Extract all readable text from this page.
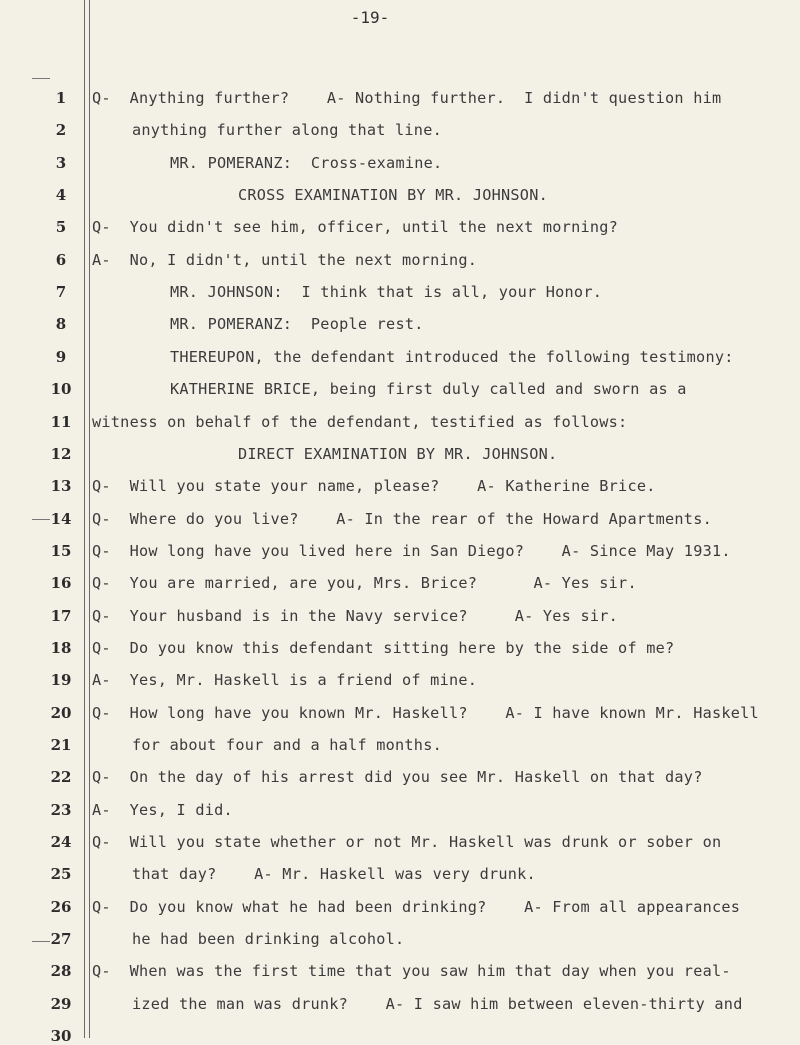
-19-
1	Q-  Anything further?    A- Nothing further.  I didn't question him
2	anything further along that line.
3	MR. POMERANZ:  Cross-examine.
4	CROSS EXAMINATION BY MR. JOHNSON.
5	Q-  You didn't see him, officer, until the next morning?
6	A-  No, I didn't, until the next morning.
7	MR. JOHNSON:  I think that is all, your Honor.
8	MR. POMERANZ:  People rest.
9	THEREUPON, the defendant introduced the following testimony:
10	KATHERINE BRICE, being first duly called and sworn as a
11	witness on behalf of the defendant, testified as follows:
12	DIRECT EXAMINATION BY MR. JOHNSON.
13	Q-  Will you state your name, please?    A- Katherine Brice.
14	Q-  Where do you live?    A- In the rear of the Howard Apartments.
15	Q-  How long have you lived here in San Diego?    A- Since May 1931.
16	Q-  You are married, are you, Mrs. Brice?      A- Yes sir.
17	Q-  Your husband is in the Navy service?     A- Yes sir.
18	Q-  Do you know this defendant sitting here by the side of me?
19	A-  Yes, Mr. Haskell is a friend of mine.
20	Q-  How long have you known Mr. Haskell?    A- I have known Mr. Haskell
21	for about four and a half months.
22	Q-  On the day of his arrest did you see Mr. Haskell on that day?
23	A-  Yes, I did.
24	Q-  Will you state whether or not Mr. Haskell was drunk or sober on
25	that day?    A- Mr. Haskell was very drunk.
26	Q-  Do you know what he had been drinking?    A- From all appearances
27	he had been drinking alcohol.
28	Q-  When was the first time that you saw him that day when you real-
29	ized the man was drunk?    A- I saw him between eleven-thirty and
30
